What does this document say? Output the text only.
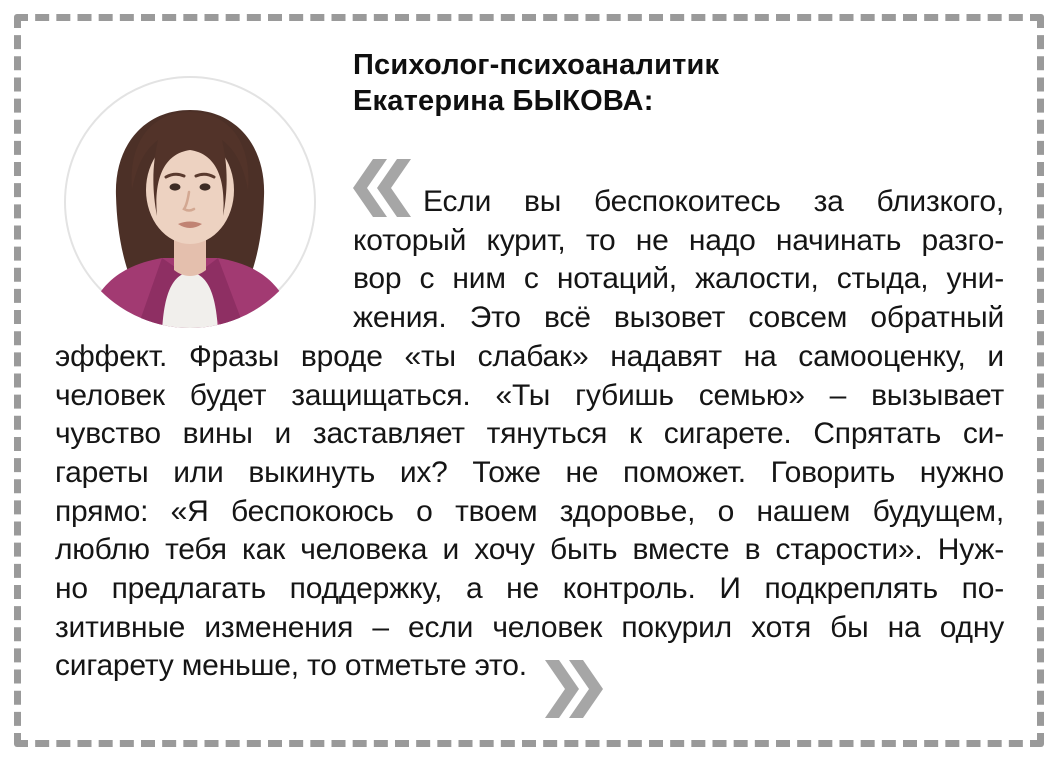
Психолог-психоаналитик
Екатерина БЫКОВА:
Если вы беспокоитесь за близкого,
который курит, то не надо начинать разго-
вор с ним с нотаций, жалости, стыда, уни-
жения. Это всё вызовет совсем обратный
эффект. Фразы вроде «ты слабак» надавят на самооценку, и
человек будет защищаться. «Ты губишь семью» – вызывает
чувство вины и заставляет тянуться к сигарете. Спрятать си-
гареты или выкинуть их? Тоже не поможет. Говорить нужно
прямо: «Я беспокоюсь о твоем здоровье, о нашем будущем,
люблю тебя как человека и хочу быть вместе в старости». Нуж-
но предлагать поддержку, а не контроль. И подкреплять по-
зитивные изменения – если человек покурил хотя бы на одну
сигарету меньше, то отметьте это.
